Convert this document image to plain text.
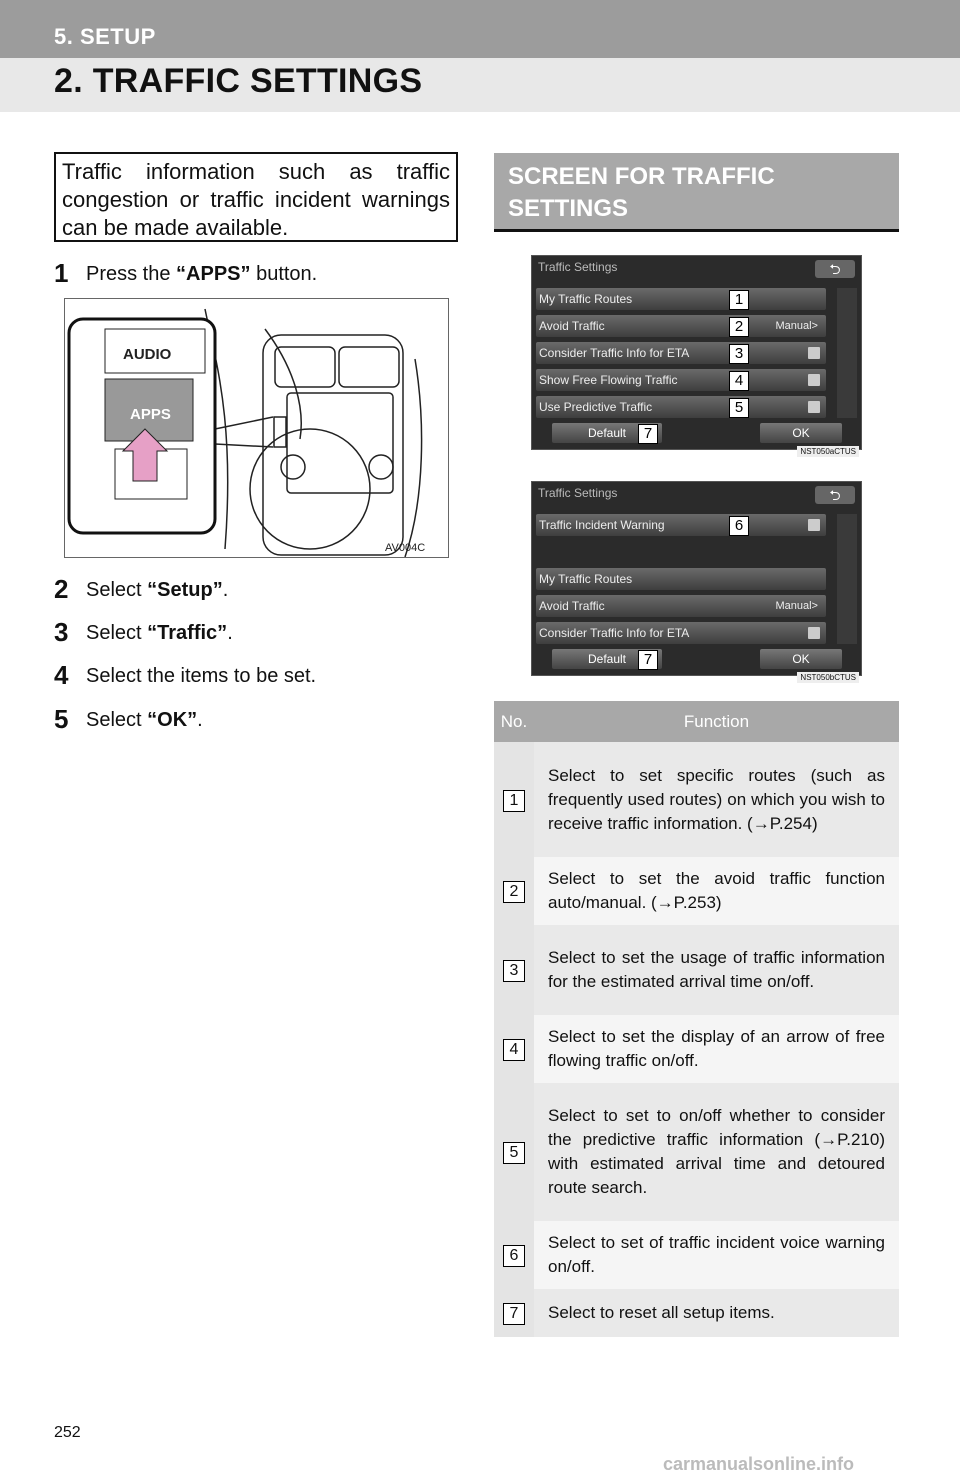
5. SETUP
2. TRAFFIC SETTINGS
Traffic information such as traffic congestion or traffic incident warnings can be made available.
1 Press the “APPS” button.
AUDIO
APPS
AV004C
2 Select “Setup”.
3 Select “Traffic”.
4 Select the items to be set.
5 Select “OK”.
SCREEN FOR TRAFFIC
SETTINGS
Traffic Settings	⮌
My Traffic Routes
Avoid Traffic	Manual>
Consider Traffic Info for ETA
Show Free Flowing Traffic
Use Predictive Traffic
Default	OK
1
2
3
4
5
7
NST050aCTUS
Traffic Settings	⮌
Traffic Incident Warning
My Traffic Routes
Avoid Traffic	Manual>
Consider Traffic Info for ETA
Default	OK
6
7
NST050bCTUS
No.	Function
1	Select to set specific routes (such as frequently used routes) on which you wish to receive traffic information. (→P.254)
2	Select to set the avoid traffic function auto/manual. (→P.253)
3	Select to set the usage of traffic information for the estimated arrival time on/off.
4	Select to set the display of an arrow of free flowing traffic on/off.
5	Select to set to on/off whether to consider the predictive traffic information (→P.210) with estimated arrival time and detoured route search.
6	Select to set of traffic incident voice warning on/off.
7	Select to reset all setup items.
252
carmanualsonline.info
